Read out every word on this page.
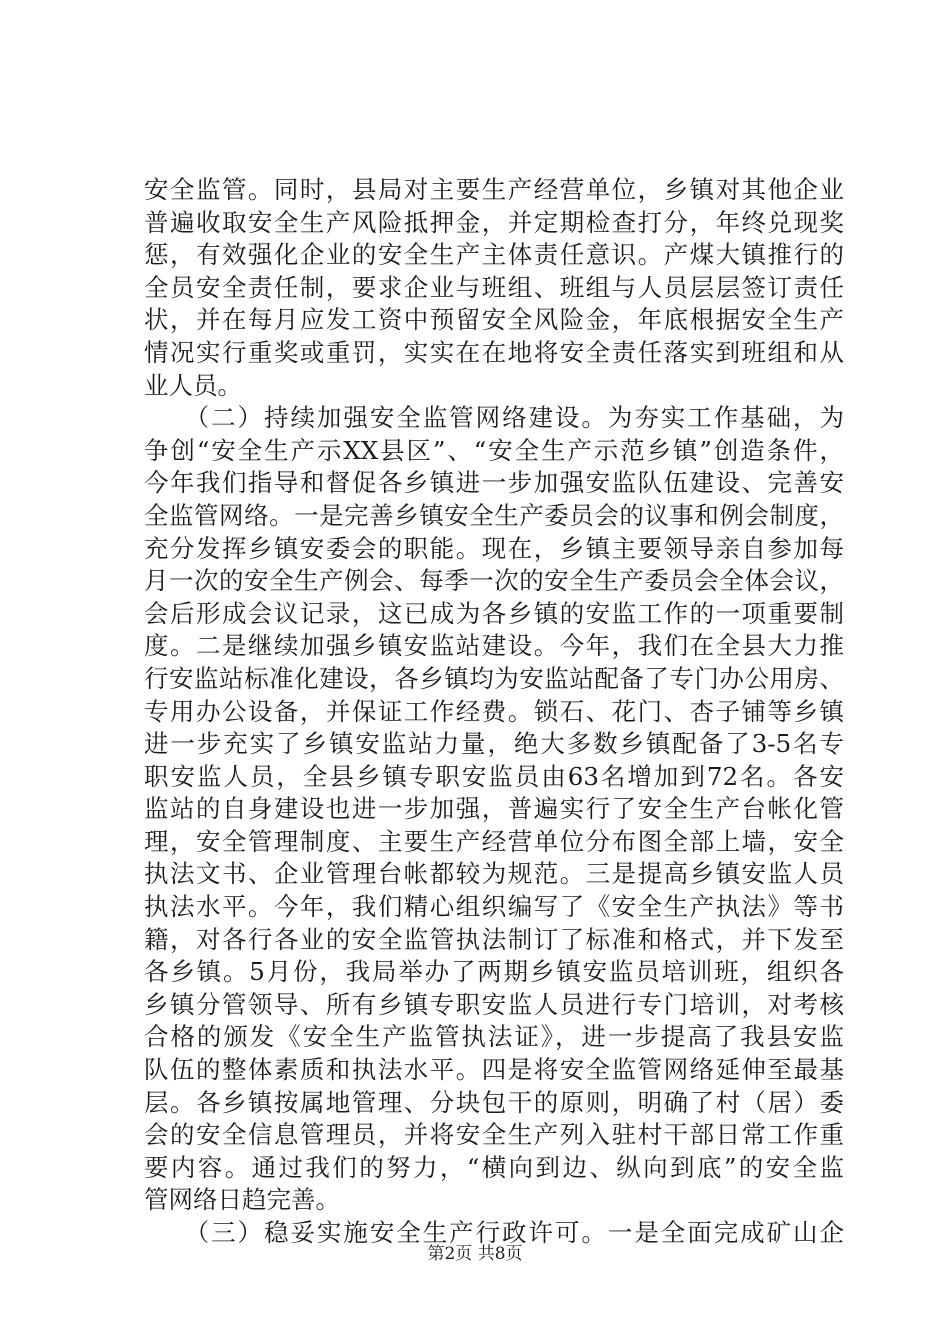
安全监管。同时，县局对主要生产经营单位，乡镇对其他企业
普遍收取安全生产风险抵押金，并定期检查打分，年终兑现奖
惩，有效强化企业的安全生产主体责任意识。产煤大镇推行的
全员安全责任制，要求企业与班组、班组与人员层层签订责任
状，并在每月应发工资中预留安全风险金，年底根据安全生产
情况实行重奖或重罚，实实在在地将安全责任落实到班组和从
业人员。
　　（二）持续加强安全监管网络建设。为夯实工作基础，为
争创“安全生产示XX县区”、“安全生产示范乡镇”创造条件，
今年我们指导和督促各乡镇进一步加强安监队伍建设、完善安
全监管网络。一是完善乡镇安全生产委员会的议事和例会制度，
充分发挥乡镇安委会的职能。现在，乡镇主要领导亲自参加每
月一次的安全生产例会、每季一次的安全生产委员会全体会议，
会后形成会议记录，这已成为各乡镇的安监工作的一项重要制
度。二是继续加强乡镇安监站建设。今年，我们在全县大力推
行安监站标准化建设，各乡镇均为安监站配备了专门办公用房、
专用办公设备，并保证工作经费。锁石、花门、杏子铺等乡镇
进一步充实了乡镇安监站力量，绝大多数乡镇配备了3-5名专
职安监人员，全县乡镇专职安监员由63名增加到72名。各安
监站的自身建设也进一步加强，普遍实行了安全生产台帐化管
理，安全管理制度、主要生产经营单位分布图全部上墙，安全
执法文书、企业管理台帐都较为规范。三是提高乡镇安监人员
执法水平。今年，我们精心组织编写了《安全生产执法》等书
籍，对各行各业的安全监管执法制订了标准和格式，并下发至
各乡镇。5月份，我局举办了两期乡镇安监员培训班，组织各
乡镇分管领导、所有乡镇专职安监人员进行专门培训，对考核
合格的颁发《安全生产监管执法证》，进一步提高了我县安监
队伍的整体素质和执法水平。四是将安全监管网络延伸至最基
层。各乡镇按属地管理、分块包干的原则，明确了村（居）委
会的安全信息管理员，并将安全生产列入驻村干部日常工作重
要内容。通过我们的努力，“横向到边、纵向到底”的安全监
管网络日趋完善。
　　（三）稳妥实施安全生产行政许可。一是全面完成矿山企
第2页 共8页
